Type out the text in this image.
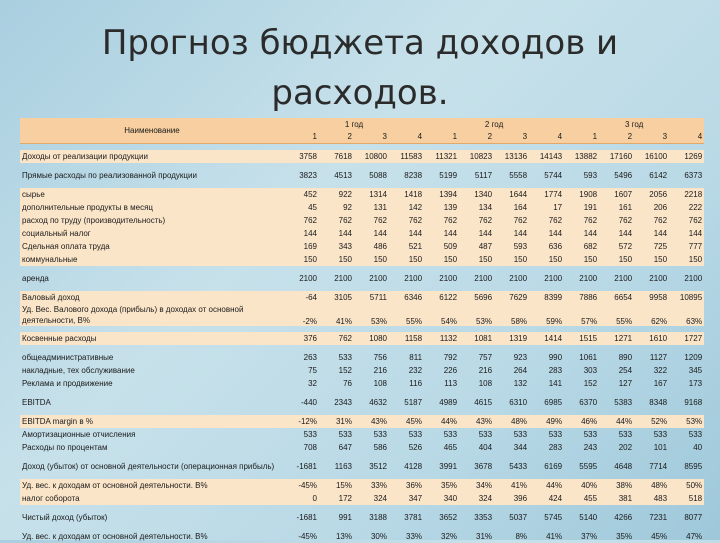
Прогноз бюджета доходов и
расходов.
Наименование	1 год				2 год				3 год			
	1	2	3	4	1	2	3	4	1	2	3	4

Доходы от реализации продукции	3758	7618	10800	11583	11321	10823	13136	14143	13882	17160	16100	1269

Прямые расходы по реализованной продукции	3823	4513	5088	8238	5199	5117	5558	5744	593	5496	6142	6373

сырье	452	922	1314	1418	1394	1340	1644	1774	1908	1607	2056	2218
дополнительные продукты в месяц	45	92	131	142	139	134	164	17	191	161	206	222
расход по труду (производительность)	762	762	762	762	762	762	762	762	762	762	762	762
социальный налог	144	144	144	144	144	144	144	144	144	144	144	144
Сдельная оплата труда	169	343	486	521	509	487	593	636	682	572	725	777
коммунальные	150	150	150	150	150	150	150	150	150	150	150	150

аренда	2100	2100	2100	2100	2100	2100	2100	2100	2100	2100	2100	2100

Валовый доход	-64	3105	5711	6346	6122	5696	7629	8399	7886	6654	9958	10895
Уд. Вес. Валового дохода (прибыль) в доходах от основной деятельности, В%	-2%	41%	53%	55%	54%	53%	58%	59%	57%	55%	62%	63%

Косвенные расходы	376	762	1080	1158	1132	1081	1319	1414	1515	1271	1610	1727

общеадминистративные	263	533	756	811	792	757	923	990	1061	890	1127	1209
накладные, тех обслуживание	75	152	216	232	226	216	264	283	303	254	322	345
Реклама и продвижение	32	76	108	116	113	108	132	141	152	127	167	173

EBITDA	-440	2343	4632	5187	4989	4615	6310	6985	6370	5383	8348	9168

EBITDA margin в %	-12%	31%	43%	45%	44%	43%	48%	49%	46%	44%	52%	53%
Амортизационные отчисления	533	533	533	533	533	533	533	533	533	533	533	533
Расходы по процентам	708	647	586	526	465	404	344	283	243	202	101	40

Доход (убыток) от основной деятельности (операционная прибыль)	-1681	1163	3512	4128	3991	3678	5433	6169	5595	4648	7714	8595

Уд. вес. к доходам от основной деятельности. В%	-45%	15%	33%	36%	35%	34%	41%	44%	40%	38%	48%	50%
налог соборота	0	172	324	347	340	324	396	424	455	381	483	518

Чистый доход (убыток)	-1681	991	3188	3781	3652	3353	5037	5745	5140	4266	7231	8077

Уд. вес. к доходам от основной деятельности. В%	-45%	13%	30%	33%	32%	31%	8%	41%	37%	35%	45%	47%
